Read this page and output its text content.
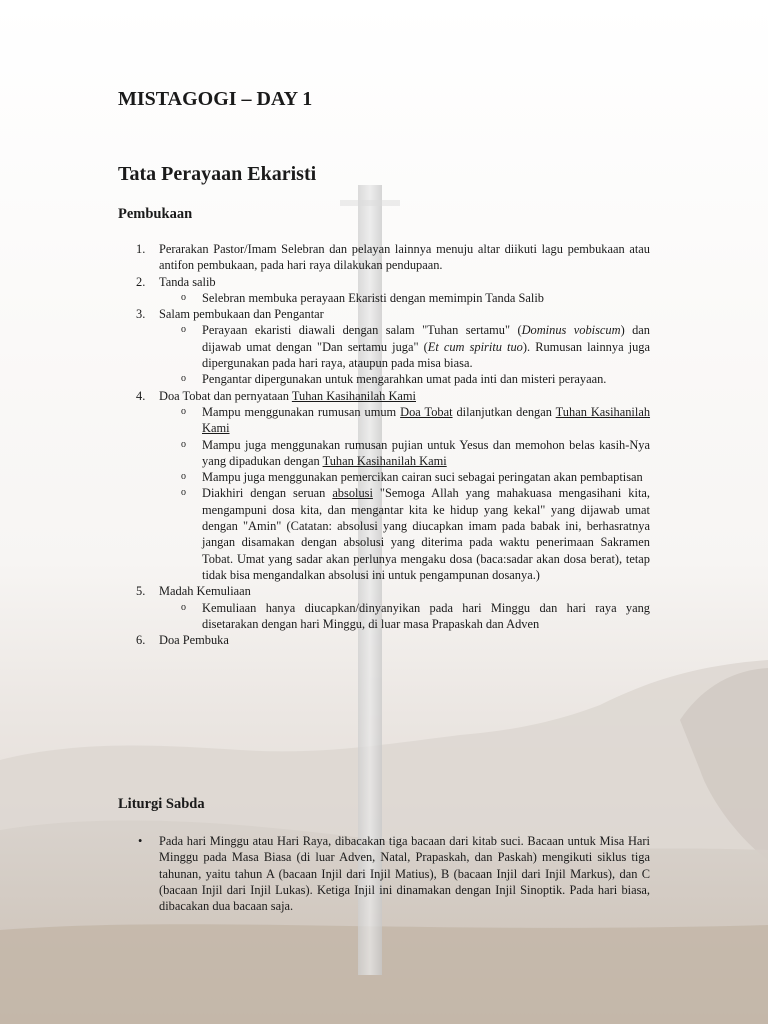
MISTAGOGI – DAY 1
Tata Perayaan Ekaristi
Pembukaan
1. Perarakan Pastor/Imam Selebran dan pelayan lainnya menuju altar diikuti lagu pembukaan atau antifon pembukaan, pada hari raya dilakukan pendupaan.
2. Tanda salib
o Selebran membuka perayaan Ekaristi dengan memimpin Tanda Salib
3. Salam pembukaan dan Pengantar
o Perayaan ekaristi diawali dengan salam "Tuhan sertamu" (Dominus vobiscum) dan dijawab umat dengan "Dan sertamu juga" (Et cum spiritu tuo). Rumusan lainnya juga dipergunakan pada hari raya, ataupun pada misa biasa.
o Pengantar dipergunakan untuk mengarahkan umat pada inti dan misteri perayaan.
4. Doa Tobat dan pernyataan Tuhan Kasihanilah Kami
o Mampu menggunakan rumusan umum Doa Tobat dilanjutkan dengan Tuhan Kasihanilah Kami
o Mampu juga menggunakan rumusan pujian untuk Yesus dan memohon belas kasih-Nya yang dipadukan dengan Tuhan Kasihanilah Kami
o Mampu juga menggunakan pemercikan cairan suci sebagai peringatan akan pembaptisan
o Diakhiri dengan seruan absolusi "Semoga Allah yang mahakuasa mengasihani kita, mengampuni dosa kita, dan mengantar kita ke hidup yang kekal" yang dijawab umat dengan "Amin" (Catatan: absolusi yang diucapkan imam pada babak ini, berhasratnya jangan disamakan dengan absolusi yang diterima pada waktu penerimaan Sakramen Tobat. Umat yang sadar akan perlunya mengaku dosa (baca:sadar akan dosa berat), tetap tidak bisa mengandalkan absolusi ini untuk pengampunan dosanya.)
5. Madah Kemuliaan
o Kemuliaan hanya diucapkan/dinyanyikan pada hari Minggu dan hari raya yang disetarakan dengan hari Minggu, di luar masa Prapaskah dan Adven
6. Doa Pembuka
Liturgi Sabda
• Pada hari Minggu atau Hari Raya, dibacakan tiga bacaan dari kitab suci. Bacaan untuk Misa Hari Minggu pada Masa Biasa (di luar Adven, Natal, Prapaskah, dan Paskah) mengikuti siklus tiga tahunan, yaitu tahun A (bacaan Injil dari Injil Matius), B (bacaan Injil dari Injil Markus), dan C (bacaan Injil dari Injil Lukas). Ketiga Injil ini dinamakan dengan Injil Sinoptik. Pada hari biasa, dibacakan dua bacaan saja.
